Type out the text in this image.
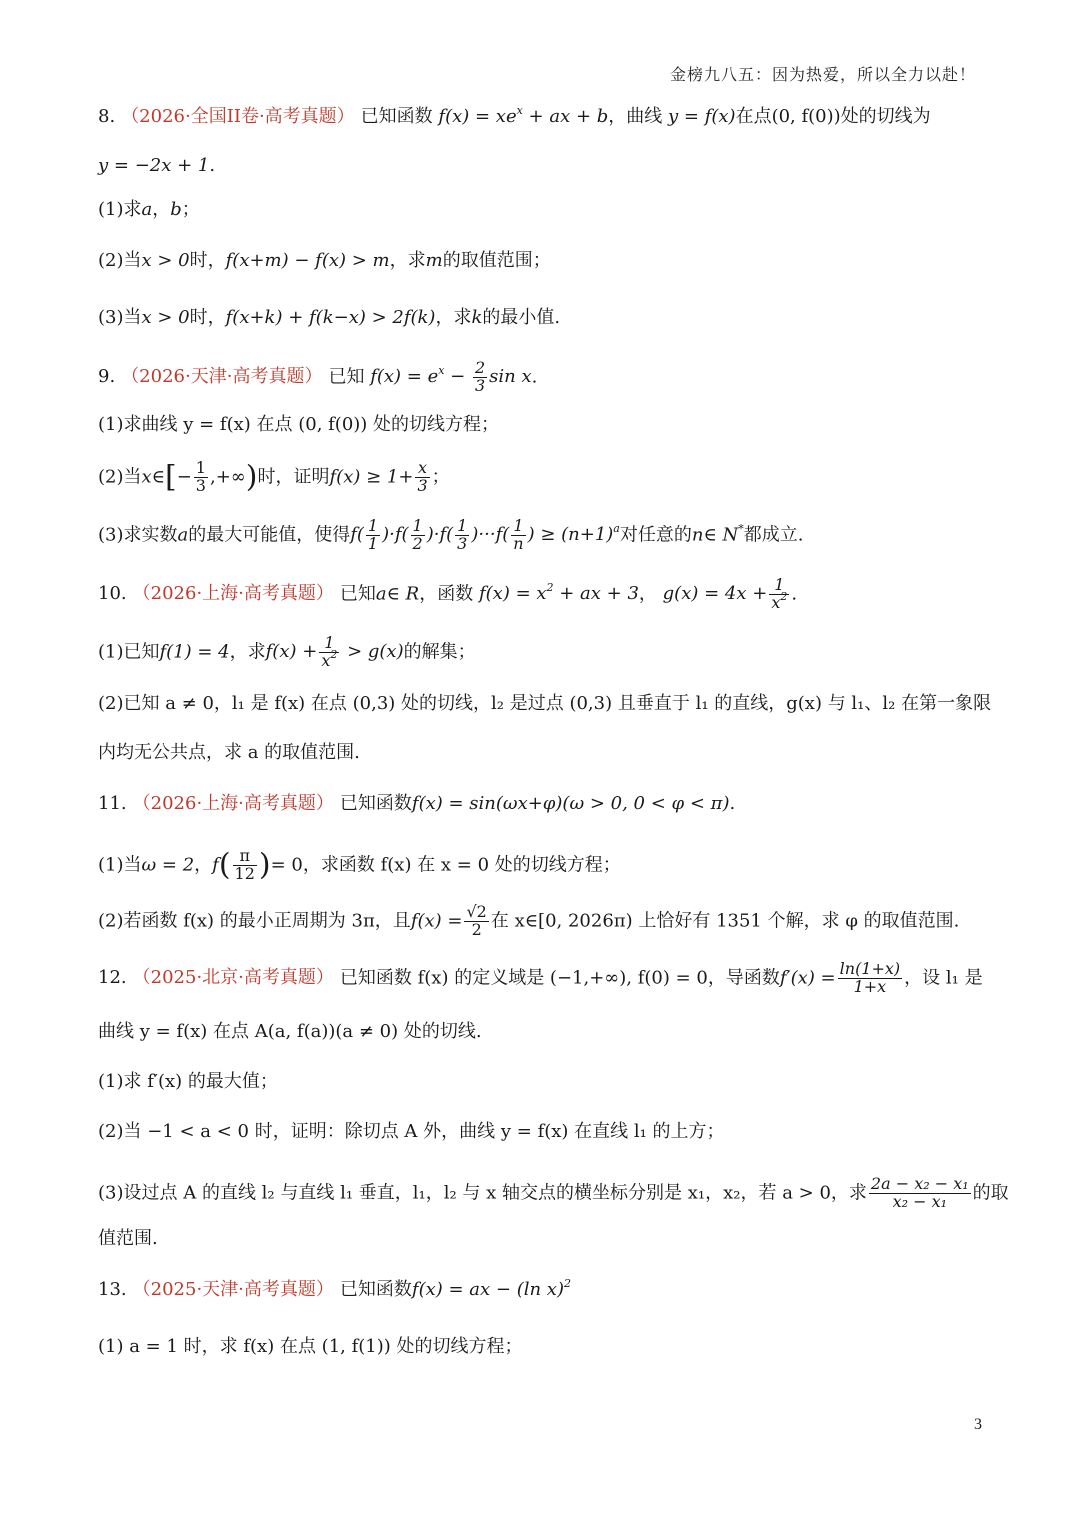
金榜九八五：因为热爱，所以全力以赴！
8. （2026·全国II卷·高考真题） 已知函数 $f(x) = xe^x$ + ax + b，曲线 y = f(x)在点(0, f(0))处的切线为
y = −2x + 1.
(1)求a，b；
(2)当x > 0时，f(x+m) − f(x) > m，求m的取值范围；
(3)当x > 0时，f(x+k) + f(k−x) > 2f(k)，求k的最小值.
9. （2026·天津·高考真题） 已知 $f(x) = e^x - \frac{2}{3}$ sin x.
(1)求曲线 y = f(x) 在点 (0, f(0)) 处的切线方程；
(2)当x∈[− $\frac{1}{3}$ ,+∞)时，证明$f(x) \ge 1+ \frac{x}{3}$ ；
(3)求实数a的最大可能值，使得$f( \frac{1}{1} )\cdot f( \frac{1}{2} )\cdot f( \frac{1}{3} )\cdot\cdot\cdot f( \frac{1}{n}$ ) ≥ $(n+1)^a$对任意的n∈ N*都成立.
10. （2026·上海·高考真题） 已知a∈ R，函数 $f(x) = x^2$ + ax + 3， $g(x) = 4x + \frac{1}{x^2}$ .
(1)已知f(1) = 4，求$f(x) + \frac{1}{x^2} > g(x)$的解集；
(2)已知 a ≠ 0，l₁ 是 f(x) 在点 (0,3) 处的切线，l₂ 是过点 (0,3) 且垂直于 l₁ 的直线，g(x) 与 l₁、l₂ 在第一象限
内均无公共点，求 a 的取值范围.
11. （2026·上海·高考真题） 已知函数f(x) = sin(ωx+φ)(ω > 0, 0 < φ < π).
(1)当ω = 2，$f( \frac{\pi}{12}$ )= 0，求函数 f(x) 在 x = 0 处的切线方程；
(2)若函数 f(x) 的最小正周期为 3π，且$f(x) = \frac{√2}{2}$ 在 x∈[0, 2026π) 上恰好有 1351 个解，求 φ 的取值范围.
12. （2025·北京·高考真题） 已知函数 f(x) 的定义域是 (−1,+∞), f(0) = 0，导函数$f'(x) = \frac{\ln(1+x)}{1+x}$ ，设 l₁ 是
曲线 y = f(x) 在点 A(a, f(a))(a ≠ 0) 处的切线.
(1)求 f′(x) 的最大值；
(2)当 −1 < a < 0 时，证明：除切点 A 外，曲线 y = f(x) 在直线 l₁ 的上方；
(3)设过点 A 的直线 l₂ 与直线 l₁ 垂直，l₁，l₂ 与 x 轴交点的横坐标分别是 x₁，x₂，若 a > 0，求 $\frac{\text{2a − x₂ − x₁}}{\text{x₂ − x₁}}$ 的取
值范围.
13. （2025·天津·高考真题） 已知函数f(x) = ax − (ln x)$^2$
(1) a = 1 时，求 f(x) 在点 (1, f(1)) 处的切线方程；
3
